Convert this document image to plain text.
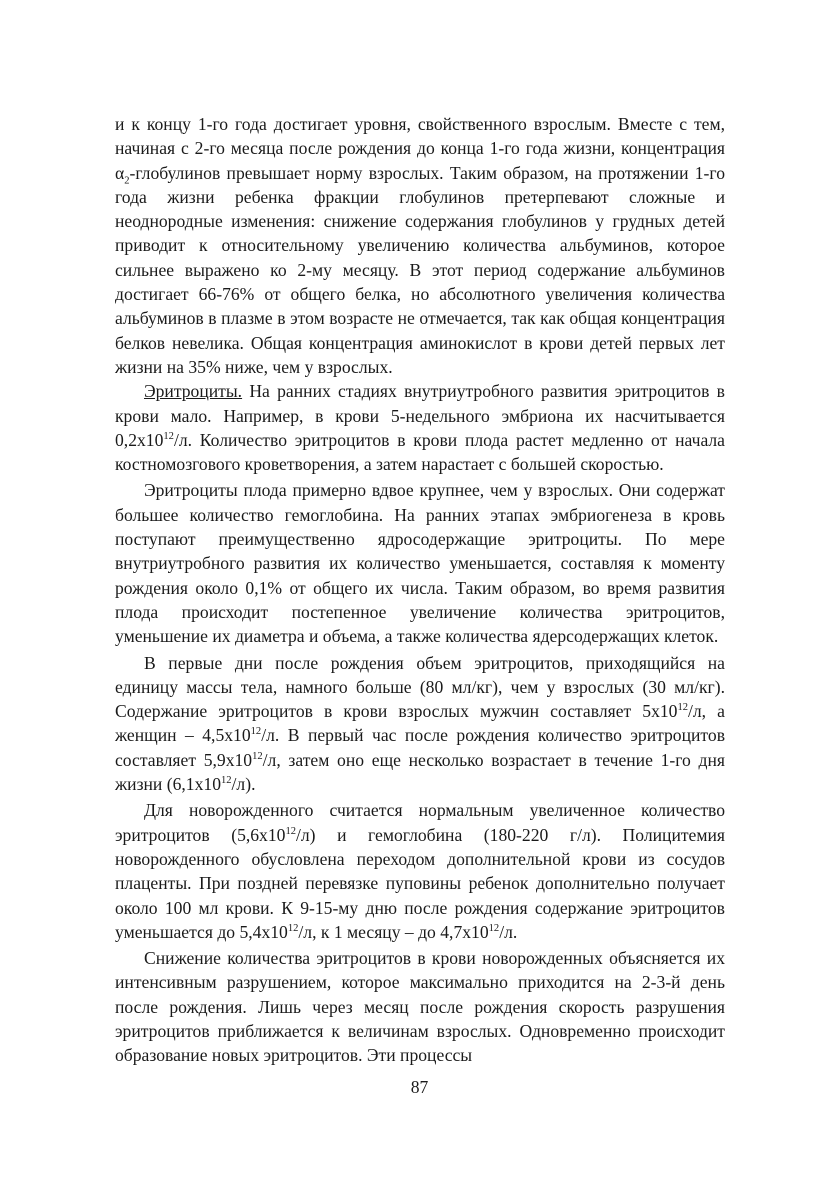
и к концу 1-го года достигает уровня, свойственного взрослым. Вместе с тем, начиная с 2-го месяца после рождения до конца 1-го года жизни, концентрация $\alpha_2$-глобулинов превышает норму взрослых. Таким образом, на протяжении 1-го года жизни ребенка фракции глобулинов претерпевают сложные и неоднородные изменения: снижение содержания глобулинов у грудных детей приводит к относительному увеличению количества альбуминов, которое сильнее выражено ко 2-му месяцу. В этот период содержание альбуминов достигает 66-76% от общего белка, но абсолютного увеличения количества альбуминов в плазме в этом возрасте не отмечается, так как общая концентрация белков невелика. Общая концентрация аминокислот в крови детей первых лет жизни на 35% ниже, чем у взрослых.

Эритроциты. На ранних стадиях внутриутробного развития эритроцитов в крови мало. Например, в крови 5-недельного эмбриона их насчитывается $0,2х10^{12}/л$. Количество эритроцитов в крови плода растет медленно от начала костномозгового кроветворения, а затем нарастает с большей скоростью.

Эритроциты плода примерно вдвое крупнее, чем у взрослых. Они содержат большее количество гемоглобина. На ранних этапах эмбриогенеза в кровь поступают преимущественно ядросодержащие эритроциты. По мере внутриутробного развития их количество уменьшается, составляя к моменту рождения около 0,1% от общего их числа. Таким образом, во время развития плода происходит постепенное увеличение количества эритроцитов, уменьшение их диаметра и объема, а также количества ядерсодержащих клеток.

В первые дни после рождения объем эритроцитов, приходящийся на единицу массы тела, намного больше (80 мл/кг), чем у взрослых (30 мл/кг). Содержание эритроцитов в крови взрослых мужчин составляет $5х10^{12}/л$, а женщин – $4,5х10^{12}/л$. В первый час после рождения количество эритроцитов составляет $5,9х10^{12}/л$, затем оно еще несколько возрастает в течение 1-го дня жизни $(6,1х10^{12}/л)$.

Для новорожденного считается нормальным увеличенное количество эритроцитов $(5,6х10^{12}/л)$ и гемоглобина (180-220 г/л). Полицитемия новорожденного обусловлена переходом дополнительной крови из сосудов плаценты. При поздней перевязке пуповины ребенок дополнительно получает около 100 мл крови. К 9-15-му дню после рождения содержание эритроцитов уменьшается до $5,4х10^{12}/л$, к 1 месяцу – до $4,7х10^{12}/л$.

Снижение количества эритроцитов в крови новорожденных объясняется их интенсивным разрушением, которое максимально приходится на 2-3-й день после рождения. Лишь через месяц после рождения скорость разрушения эритроцитов приближается к величинам взрослых. Одновременно происходит образование новых эритроцитов. Эти процессы

87
